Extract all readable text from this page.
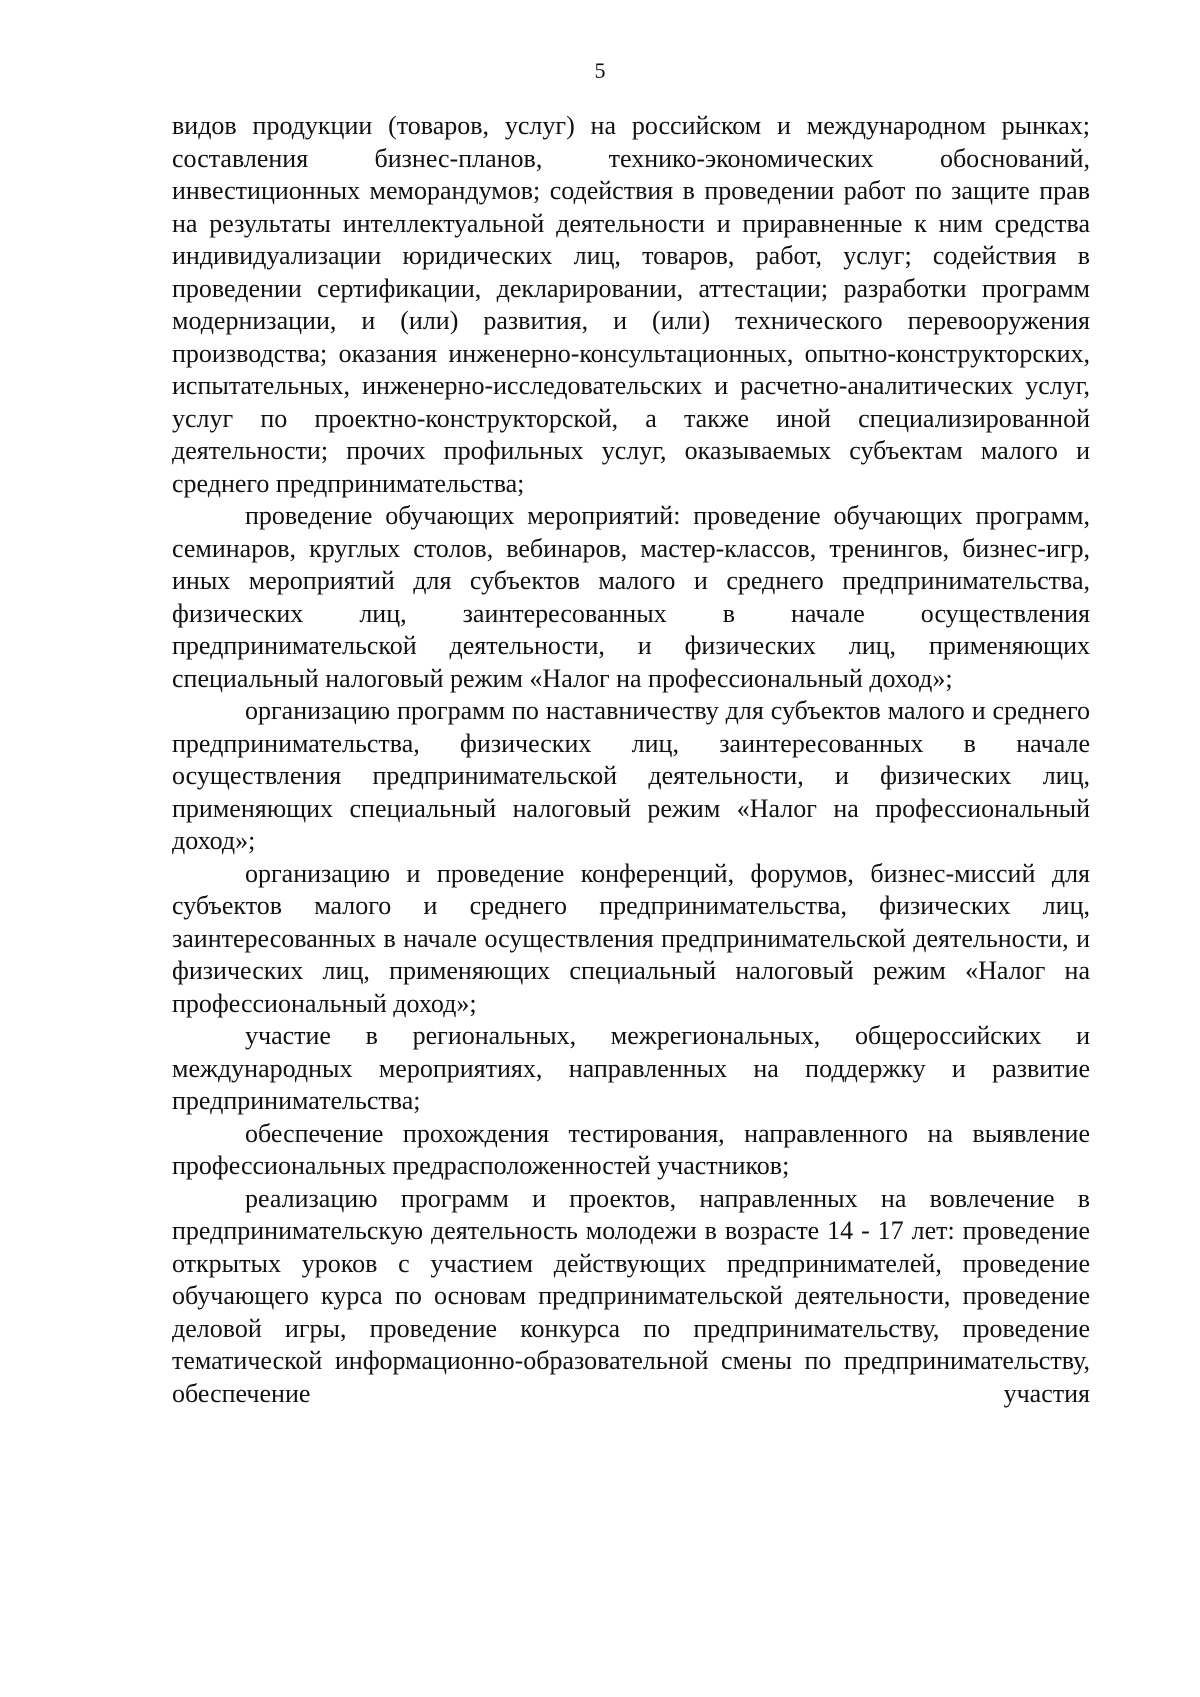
5

видов продукции (товаров, услуг) на российском и международном рынках; составления бизнес-планов, технико-экономических обоснований, инвестиционных меморандумов; содействия в проведении работ по защите прав на результаты интеллектуальной деятельности и приравненные к ним средства индивидуализации юридических лиц, товаров, работ, услуг; содействия в проведении сертификации, декларировании, аттестации; разработки программ модернизации, и (или) развития, и (или) технического перевооружения производства; оказания инженерно-консультационных, опытно-конструкторских, испытательных, инженерно-исследовательских и расчетно-аналитических услуг, услуг по проектно-конструкторской, а также иной специализированной деятельности; прочих профильных услуг, оказываемых субъектам малого и среднего предпринимательства;

проведение обучающих мероприятий: проведение обучающих программ, семинаров, круглых столов, вебинаров, мастер-классов, тренингов, бизнес-игр, иных мероприятий для субъектов малого и среднего предпринимательства, физических лиц, заинтересованных в начале осуществления предпринимательской деятельности, и физических лиц, применяющих специальный налоговый режим «Налог на профессиональный доход»;

организацию программ по наставничеству для субъектов малого и среднего предпринимательства, физических лиц, заинтересованных в начале осуществления предпринимательской деятельности, и физических лиц, применяющих специальный налоговый режим «Налог на профессиональный доход»;

организацию и проведение конференций, форумов, бизнес-миссий для субъектов малого и среднего предпринимательства, физических лиц, заинтересованных в начале осуществления предпринимательской деятельности, и физических лиц, применяющих специальный налоговый режим «Налог на профессиональный доход»;

участие в региональных, межрегиональных, общероссийских и международных мероприятиях, направленных на поддержку и развитие предпринимательства;

обеспечение прохождения тестирования, направленного на выявление профессиональных предрасположенностей участников;

реализацию программ и проектов, направленных на вовлечение в предпринимательскую деятельность молодежи в возрасте 14 - 17 лет: проведение открытых уроков с участием действующих предпринимателей, проведение обучающего курса по основам предпринимательской деятельности, проведение деловой игры, проведение конкурса по предпринимательству, проведение тематической информационно-образовательной смены по предпринимательству, обеспечение участия
